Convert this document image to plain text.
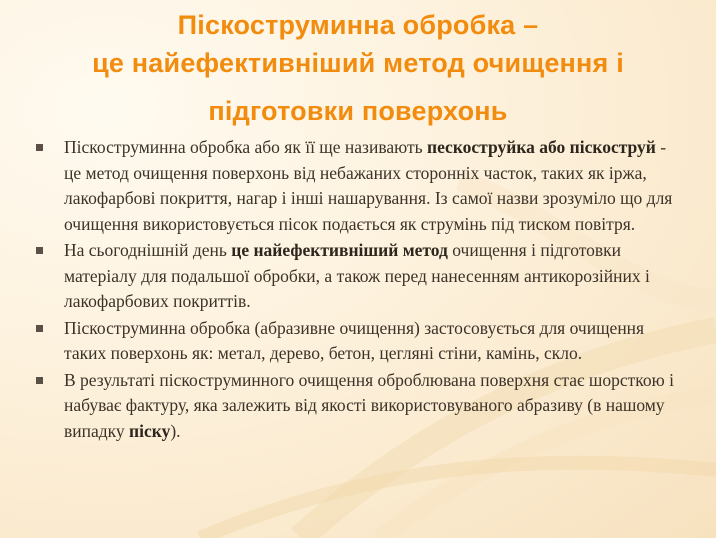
Піскоструминна обробка –
це найефективніший метод очищення і
підготовки поверхонь
Піскоструминна обробка або як її ще називають пескоструйка або піскоструй - це метод очищення поверхонь від небажаних сторонніх часток, таких як іржа, лакофарбові покриття, нагар і інші нашарування. Із самої назви зрозуміло що для очищення використовується пісок подається як струмінь під тиском повітря.
На сьогоднішній день це найефективніший метод очищення і підготовки матеріалу для подальшої обробки, а також перед нанесенням антикорозійних і лакофарбових покриттів.
Піскоструминна обробка (абразивне очищення) застосовується для очищення таких поверхонь як: метал, дерево, бетон, цегляні стіни, камінь, скло.
В результаті піскоструминного очищення оброблювана поверхня стає шорсткою і набуває фактуру, яка залежить від якості використовуваного абразиву (в нашому випадку піску).
